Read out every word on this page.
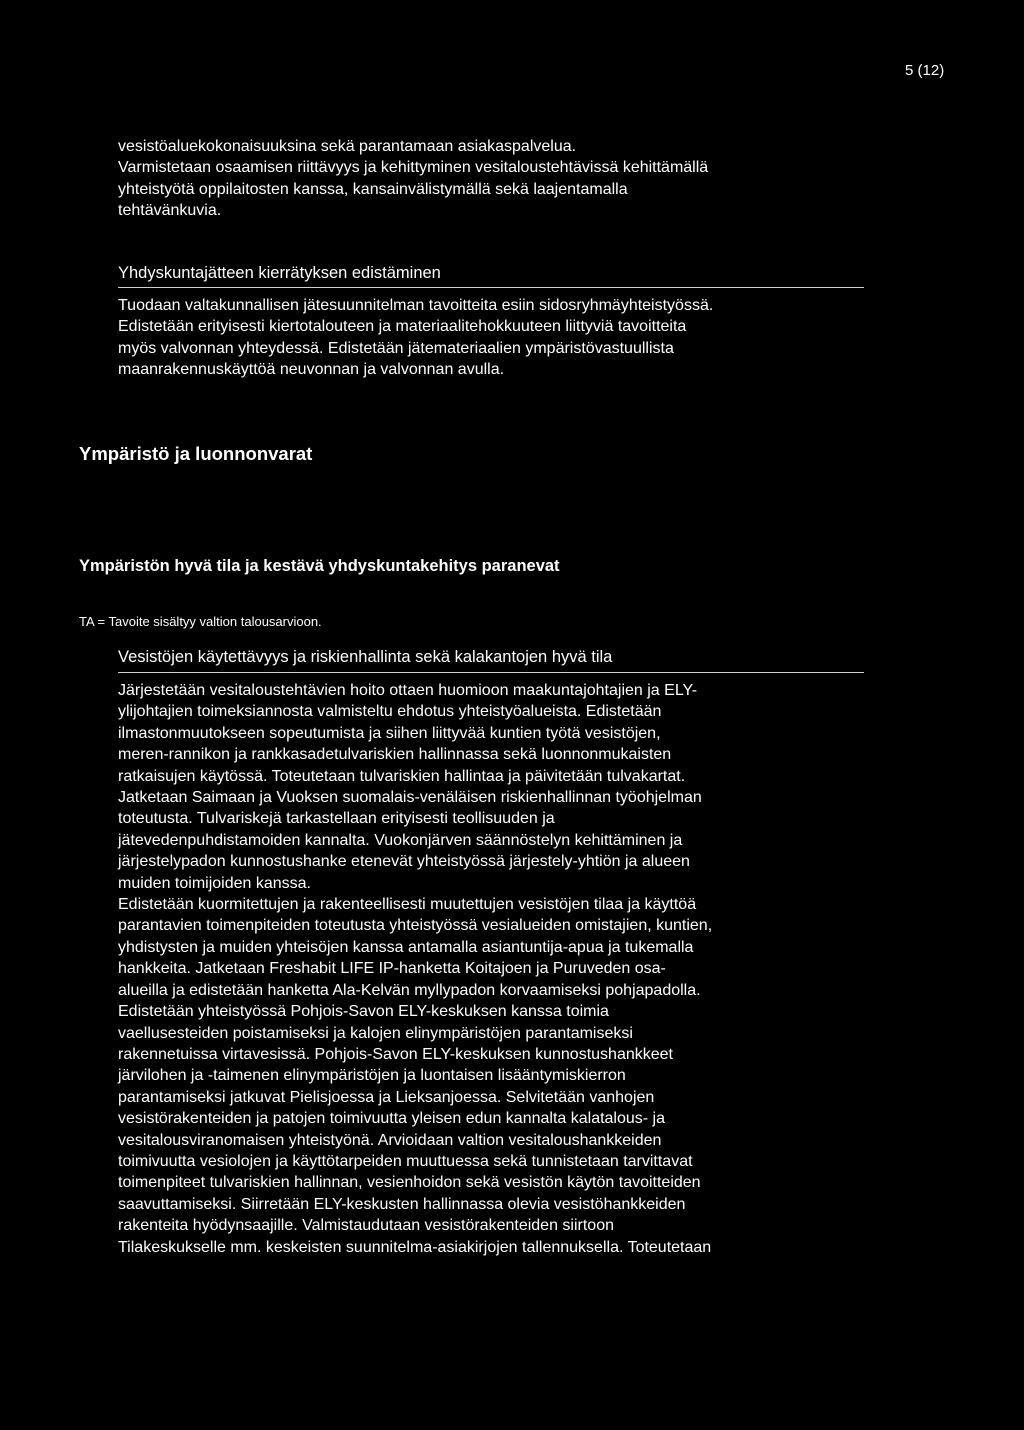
5 (12)
vesistöaluekokonaisuuksina sekä parantamaan asiakaspalvelua.
Varmistetaan osaamisen riittävyys ja kehittyminen vesitaloustehtävissä kehittämällä
yhteistyötä oppilaitosten kanssa, kansainvälistymällä sekä laajentamalla
tehtävänkuvia.
Yhdyskuntajätteen kierrätyksen edistäminen
Tuodaan valtakunnallisen jätesuunnitelman tavoitteita esiin sidosryhmäyhteistyössä.
Edistetään erityisesti kiertotalouteen ja materiaalitehokkuuteen liittyviä tavoitteita
myös valvonnan yhteydessä. Edistetään jätemateriaalien ympäristövastuullista
maanrakennuskäyttöä neuvonnan ja valvonnan avulla.
Ympäristö ja luonnonvarat
Ympäristön hyvä tila ja kestävä yhdyskuntakehitys paranevat
TA = Tavoite sisältyy valtion talousarvioon.
Vesistöjen käytettävyys ja riskienhallinta sekä kalakantojen hyvä tila
Järjestetään vesitaloustehtävien hoito ottaen huomioon maakuntajohtajien ja ELY-
ylijohtajien toimeksiannosta valmisteltu ehdotus yhteistyöalueista. Edistetään
ilmastonmuutokseen sopeutumista ja siihen liittyvää kuntien työtä vesistöjen,
meren-rannikon ja rankkasadetulvariskien hallinnassa sekä luonnonmukaisten
ratkaisujen käytössä. Toteutetaan tulvariskien hallintaa ja päivitetään tulvakartat.
Jatketaan Saimaan ja Vuoksen suomalais-venäläisen riskienhallinnan työohjelman
toteutusta. Tulvariskejä tarkastellaan erityisesti teollisuuden ja
jätevedenpuhdistamoiden kannalta. Vuokonjärven säännöstelyn kehittäminen ja
järjestelypadon kunnostushanke etenevät yhteistyössä järjestely-yhtiön ja alueen
muiden toimijoiden kanssa.
Edistetään kuormitettujen ja rakenteellisesti muutettujen vesistöjen tilaa ja käyttöä
parantavien toimenpiteiden toteutusta yhteistyössä vesialueiden omistajien, kuntien,
yhdistysten ja muiden yhteisöjen kanssa antamalla asiantuntija-apua ja tukemalla
hankkeita. Jatketaan Freshabit LIFE IP-hanketta Koitajoen ja Puruveden osa-
alueilla ja edistetään hanketta Ala-Kelvän myllypadon korvaamiseksi pohjapadolla.
Edistetään yhteistyössä Pohjois-Savon ELY-keskuksen kanssa toimia
vaellusesteiden poistamiseksi ja kalojen elinympäristöjen parantamiseksi
rakennetuissa virtavesissä. Pohjois-Savon ELY-keskuksen kunnostushankkeet
järvilohen ja -taimenen elinympäristöjen ja luontaisen lisääntymiskierron
parantamiseksi jatkuvat Pielisjoessa ja Lieksanjoessa. Selvitetään vanhojen
vesistörakenteiden ja patojen toimivuutta yleisen edun kannalta kalatalous- ja
vesitalousviranomaisen yhteistyönä. Arvioidaan valtion vesitaloushankkeiden
toimivuutta vesiolojen ja käyttötarpeiden muuttuessa sekä tunnistetaan tarvittavat
toimenpiteet tulvariskien hallinnan, vesienhoidon sekä vesistön käytön tavoitteiden
saavuttamiseksi. Siirretään ELY-keskusten hallinnassa olevia vesistöhankkeiden
rakenteita hyödynsaajille. Valmistaudutaan vesistörakenteiden siirtoon
Tilakeskukselle mm. keskeisten suunnitelma-asiakirjojen tallennuksella. Toteutetaan
